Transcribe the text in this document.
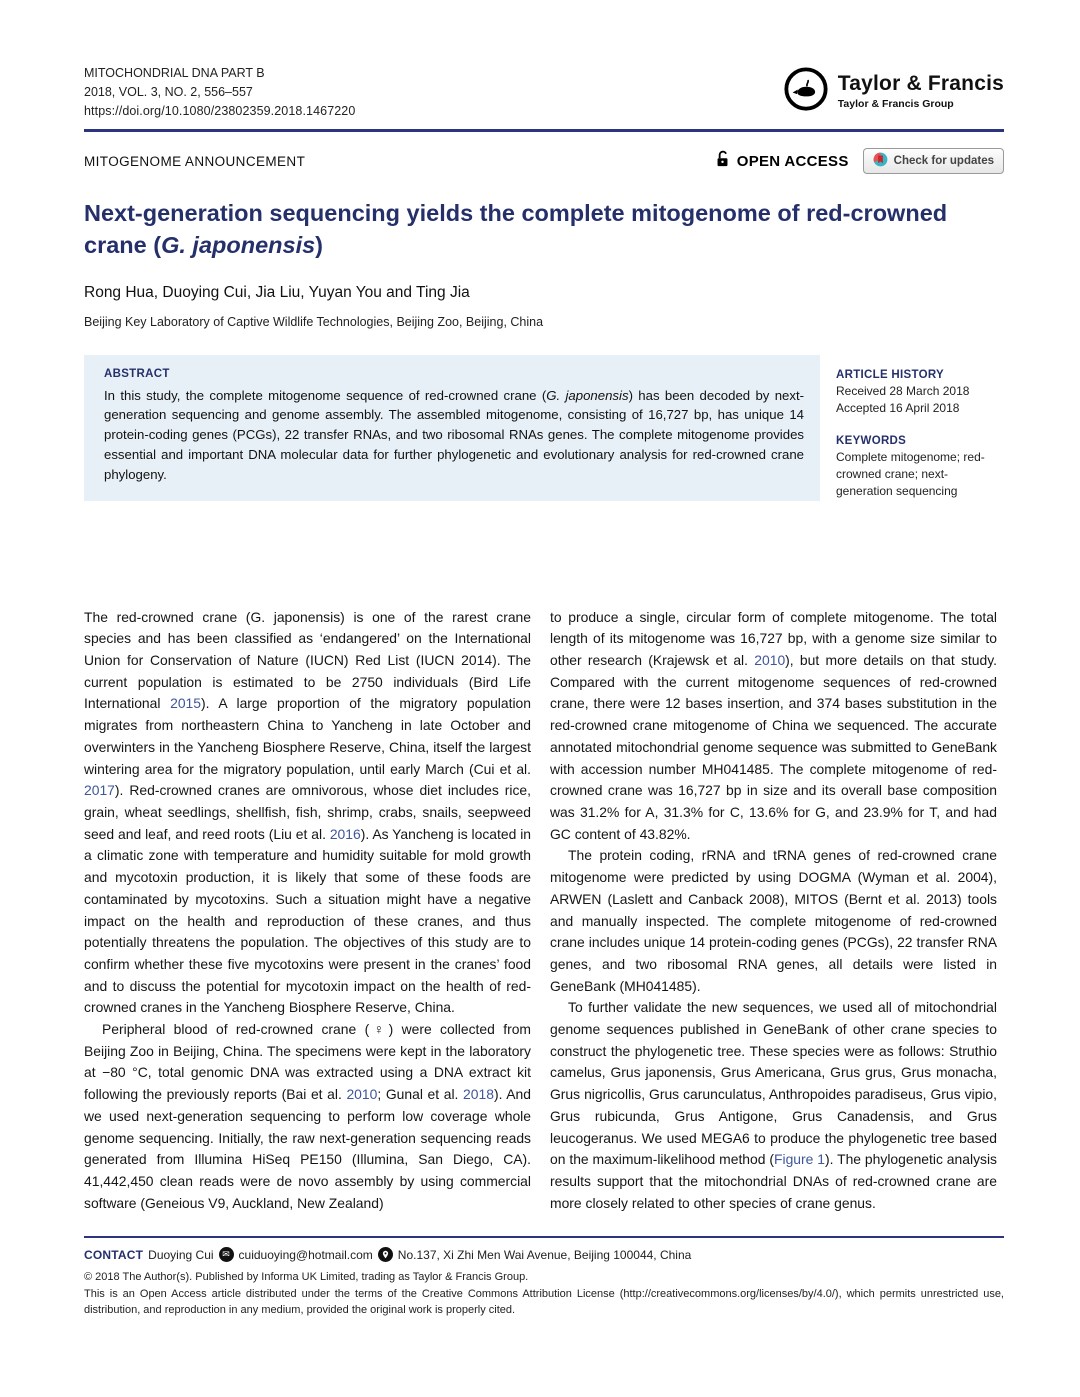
MITOCHONDRIAL DNA PART B
2018, VOL. 3, NO. 2, 556–557
https://doi.org/10.1080/23802359.2018.1467220
Taylor & Francis
Taylor & Francis Group
MITOGENOME ANNOUNCEMENT	OPEN ACCESS	Check for updates
Next-generation sequencing yields the complete mitogenome of red-crowned crane (G. japonensis)
Rong Hua, Duoying Cui, Jia Liu, Yuyan You and Ting Jia
Beijing Key Laboratory of Captive Wildlife Technologies, Beijing Zoo, Beijing, China
ABSTRACT
In this study, the complete mitogenome sequence of red-crowned crane (G. japonensis) has been decoded by next-generation sequencing and genome assembly. The assembled mitogenome, consisting of 16,727 bp, has unique 14 protein-coding genes (PCGs), 22 transfer RNAs, and two ribosomal RNAs genes. The complete mitogenome provides essential and important DNA molecular data for further phylogenetic and evolutionary analysis for red-crowned crane phylogeny.
ARTICLE HISTORY
Received 28 March 2018
Accepted 16 April 2018
KEYWORDS
Complete mitogenome; red-crowned crane; next-generation sequencing

The red-crowned crane (G. japonensis) is one of the rarest crane species and has been classified as ‘endangered’ on the International Union for Conservation of Nature (IUCN) Red List (IUCN 2014). The current population is estimated to be 2750 individuals (Bird Life International 2015). A large proportion of the migratory population migrates from northeastern China to Yancheng in late October and overwinters in the Yancheng Biosphere Reserve, China, itself the largest wintering area for the migratory population, until early March (Cui et al. 2017). Red-crowned cranes are omnivorous, whose diet includes rice, grain, wheat seedlings, shellfish, fish, shrimp, crabs, snails, seepweed seed and leaf, and reed roots (Liu et al. 2016). As Yancheng is located in a climatic zone with temperature and humidity suitable for mold growth and mycotoxin production, it is likely that some of these foods are contaminated by mycotoxins. Such a situation might have a negative impact on the health and reproduction of these cranes, and thus potentially threatens the population. The objectives of this study are to confirm whether these five mycotoxins were present in the cranes’ food and to discuss the potential for mycotoxin impact on the health of red-crowned cranes in the Yancheng Biosphere Reserve, China.

Peripheral blood of red-crowned crane (♀) were collected from Beijing Zoo in Beijing, China. The specimens were kept in the laboratory at −80 °C, total genomic DNA was extracted using a DNA extract kit following the previously reports (Bai et al. 2010; Gunal et al. 2018). And we used next-generation sequencing to perform low coverage whole genome sequencing. Initially, the raw next-generation sequencing reads generated from Illumina HiSeq PE150 (Illumina, San Diego, CA). 41,442,450 clean reads were de novo assembly by using commercial software (Geneious V9, Auckland, New Zealand)

to produce a single, circular form of complete mitogenome. The total length of its mitogenome was 16,727 bp, with a genome size similar to other research (Krajewsk et al. 2010), but more details on that study. Compared with the current mitogenome sequences of red-crowned crane, there were 12 bases insertion, and 374 bases substitution in the red-crowned crane mitogenome of China we sequenced. The accurate annotated mitochondrial genome sequence was submitted to GeneBank with accession number MH041485. The complete mitogenome of red-crowned crane was 16,727 bp in size and its overall base composition was 31.2% for A, 31.3% for C, 13.6% for G, and 23.9% for T, and had GC content of 43.82%.

The protein coding, rRNA and tRNA genes of red-crowned crane mitogenome were predicted by using DOGMA (Wyman et al. 2004), ARWEN (Laslett and Canback 2008), MITOS (Bernt et al. 2013) tools and manually inspected. The complete mitogenome of red-crowned crane includes unique 14 protein-coding genes (PCGs), 22 transfer RNA genes, and two ribosomal RNA genes, all details were listed in GeneBank (MH041485).

To further validate the new sequences, we used all of mitochondrial genome sequences published in GeneBank of other crane species to construct the phylogenetic tree. These species were as follows: Struthio camelus, Grus japonensis, Grus Americana, Grus grus, Grus monacha, Grus nigricollis, Grus carunculatus, Anthropoides paradiseus, Grus vipio, Grus rubicunda, Grus Antigone, Grus Canadensis, and Grus leucogeranus. We used MEGA6 to produce the phylogenetic tree based on the maximum-likelihood method (Figure 1). The phylogenetic analysis results support that the mitochondrial DNAs of red-crowned crane are more closely related to other species of crane genus.

CONTACT Duoying Cui ✉ cuiduoying@hotmail.com No.137, Xi Zhi Men Wai Avenue, Beijing 100044, China
© 2018 The Author(s). Published by Informa UK Limited, trading as Taylor & Francis Group.
This is an Open Access article distributed under the terms of the Creative Commons Attribution License (http://creativecommons.org/licenses/by/4.0/), which permits unrestricted use, distribution, and reproduction in any medium, provided the original work is properly cited.
